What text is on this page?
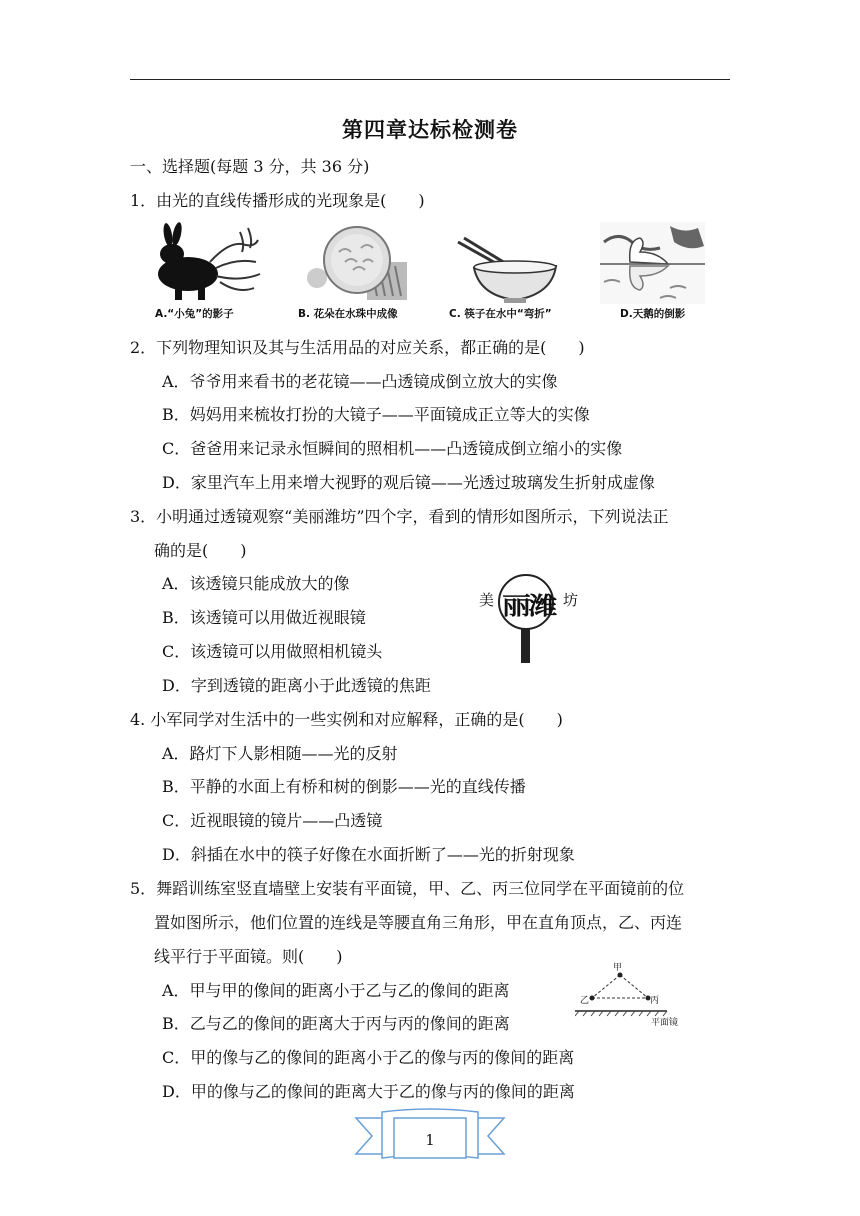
第四章达标检测卷
一、选择题(每题 3 分，共 36 分)
1．由光的直线传播形成的光现象是(　　)
A.“小兔”的影子	B. 花朵在水珠中成像	C. 筷子在水中“弯折”	D.天鹅的倒影
2．下列物理知识及其与生活用品的对应关系，都正确的是(　　)
A．爷爷用来看书的老花镜——凸透镜成倒立放大的实像
B．妈妈用来梳妆打扮的大镜子——平面镜成正立等大的实像
C．爸爸用来记录永恒瞬间的照相机——凸透镜成倒立缩小的实像
D．家里汽车上用来增大视野的观后镜——光透过玻璃发生折射成虚像
3．小明通过透镜观察“美丽潍坊”四个字，看到的情形如图所示，下列说法正
确的是(　　)
A．该透镜只能成放大的像
B．该透镜可以用做近视眼镜
C．该透镜可以用做照相机镜头
D．字到透镜的距离小于此透镜的焦距
美 丽潍 坊
4. 小军同学对生活中的一些实例和对应解释，正确的是(　　)
A．路灯下人影相随——光的反射
B．平静的水面上有桥和树的倒影——光的直线传播
C．近视眼镜的镜片——凸透镜
D．斜插在水中的筷子好像在水面折断了——光的折射现象
5．舞蹈训练室竖直墙壁上安装有平面镜，甲、乙、丙三位同学在平面镜前的位
置如图所示，他们位置的连线是等腰直角三角形，甲在直角顶点，乙、丙连
线平行于平面镜。则(　　)
A．甲与甲的像间的距离小于乙与乙的像间的距离
B．乙与乙的像间的距离大于丙与丙的像间的距离
C．甲的像与乙的像间的距离小于乙的像与丙的像间的距离
D．甲的像与乙的像间的距离大于乙的像与丙的像间的距离
甲
乙	丙
平面镜
1
